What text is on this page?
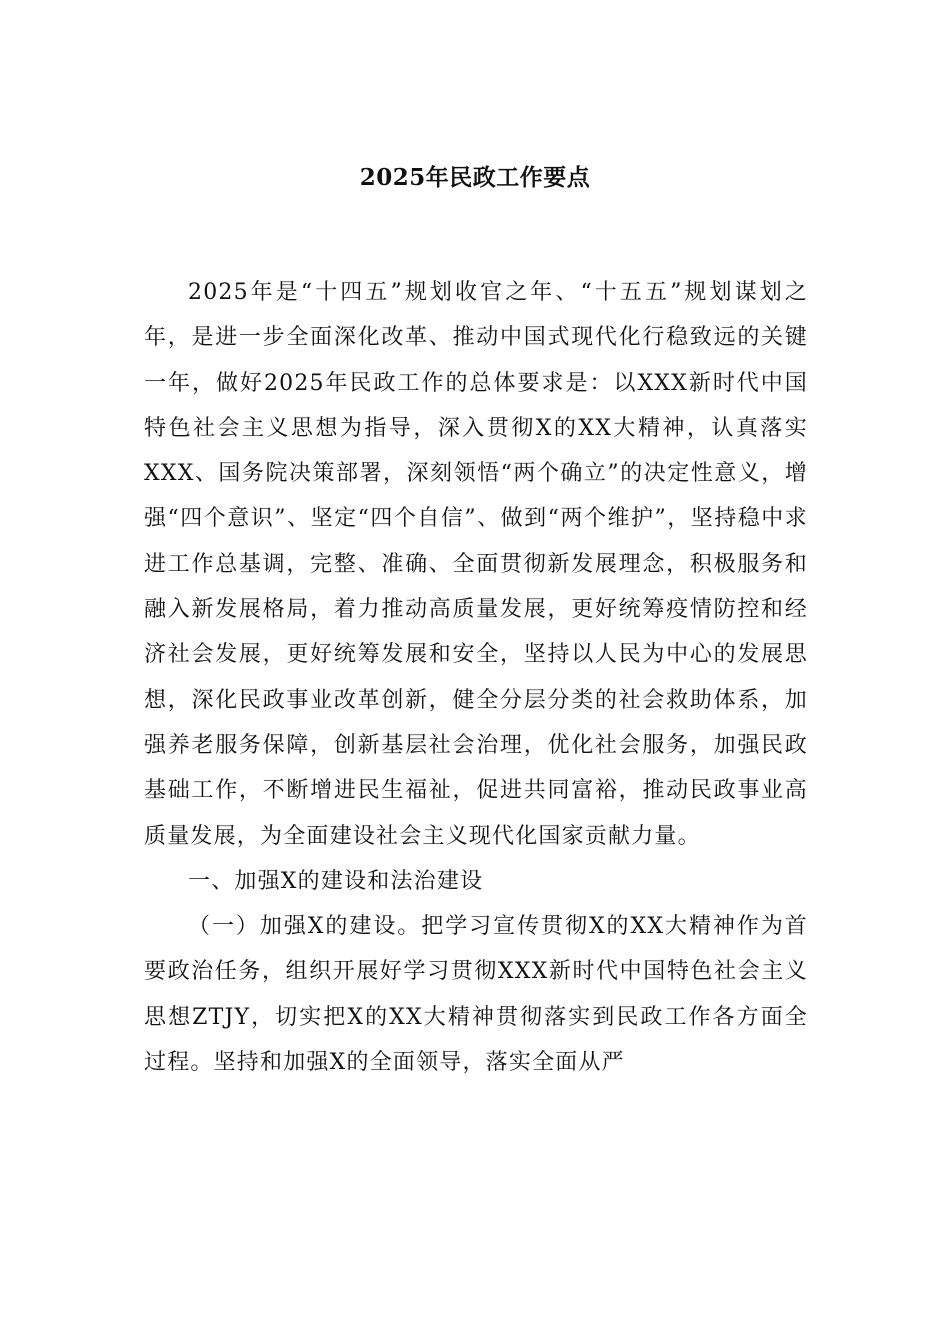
2025年民政工作要点

2025年是“十四五”规划收官之年、“十五五”规划谋划之年，是进一步全面深化改革、推动中国式现代化行稳致远的关键一年，做好2025年民政工作的总体要求是：以XXX新时代中国特色社会主义思想为指导，深入贯彻X的XX大精神，认真落实XXX、国务院决策部署，深刻领悟“两个确立”的决定性意义，增强“四个意识”、坚定“四个自信”、做到“两个维护”，坚持稳中求进工作总基调，完整、准确、全面贯彻新发展理念，积极服务和融入新发展格局，着力推动高质量发展，更好统筹疫情防控和经济社会发展，更好统筹发展和安全，坚持以人民为中心的发展思想，深化民政事业改革创新，健全分层分类的社会救助体系，加强养老服务保障，创新基层社会治理，优化社会服务，加强民政基础工作，不断增进民生福祉，促进共同富裕，推动民政事业高质量发展，为全面建设社会主义现代化国家贡献力量。

一、加强X的建设和法治建设

（一）加强X的建设。把学习宣传贯彻X的XX大精神作为首要政治任务，组织开展好学习贯彻XXX新时代中国特色社会主义思想ZTJY，切实把X的XX大精神贯彻落实到民政工作各方面全过程。坚持和加强X的全面领导，落实全面从严
